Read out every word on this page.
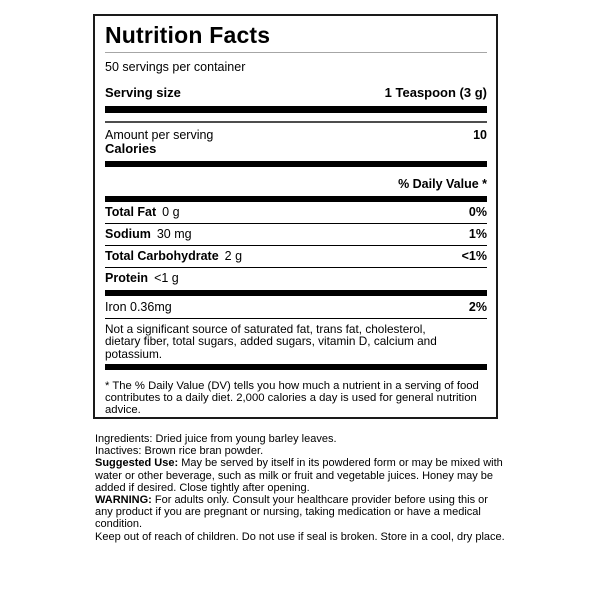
Nutrition Facts
50 servings per container
Serving size	1 Teaspoon (3 g)
Amount per serving	10
Calories
% Daily Value *
Total Fat 0 g	0%
Sodium 30 mg	1%
Total Carbohydrate 2 g	<1%
Protein <1 g
Iron 0.36mg	2%
Not a significant source of saturated fat, trans fat, cholesterol,
dietary fiber, total sugars, added sugars, vitamin D, calcium and
potassium.
* The % Daily Value (DV) tells you how much a nutrient in a serving of food
contributes to a daily diet. 2,000 calories a day is used for general nutrition
advice.

Ingredients: Dried juice from young barley leaves.

Inactives: Brown rice bran powder.

Suggested Use: May be served by itself in its powdered form or may be mixed with
water or other beverage, such as milk or fruit and vegetable juices. Honey may be
added if desired. Close tightly after opening.

WARNING: For adults only. Consult your healthcare provider before using this or
any product if you are pregnant or nursing, taking medication or have a medical
condition.

Keep out of reach of children. Do not use if seal is broken. Store in a cool, dry place.
